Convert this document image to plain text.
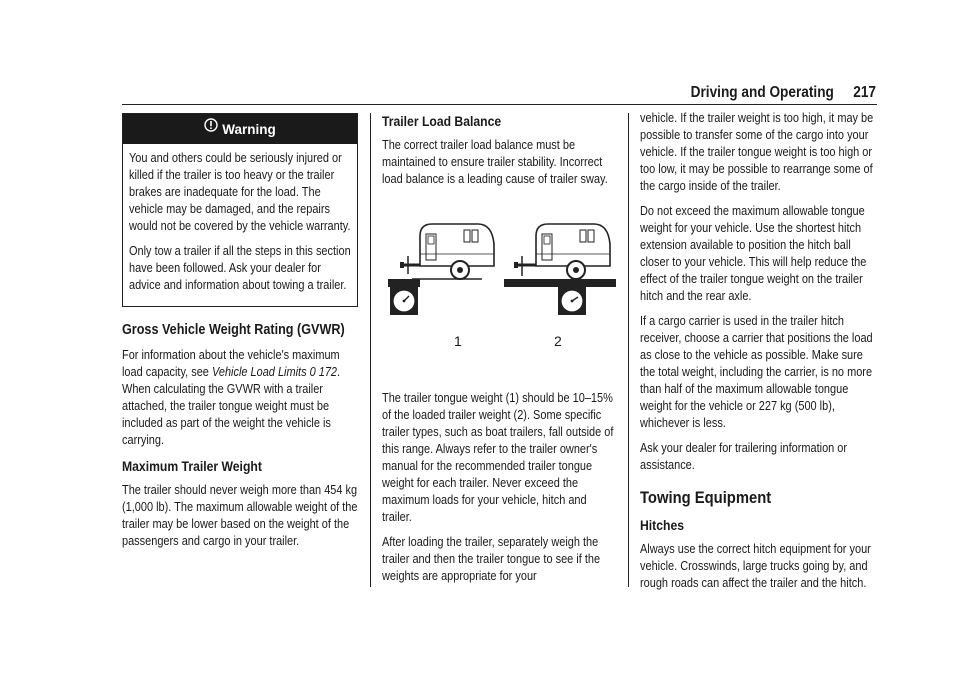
Driving and Operating 217
Warning

You and others could be seriously injured or killed if the trailer is too heavy or the trailer brakes are inadequate for the load. The vehicle may be damaged, and the repairs would not be covered by the vehicle warranty.

Only tow a trailer if all the steps in this section have been followed. Ask your dealer for advice and information about towing a trailer.

Gross Vehicle Weight Rating (GVWR)

For information about the vehicle's maximum load capacity, see Vehicle Load Limits 0 172. When calculating the GVWR with a trailer attached, the trailer tongue weight must be included as part of the weight the vehicle is carrying.

Maximum Trailer Weight

The trailer should never weigh more than 454 kg (1,000 lb). The maximum allowable weight of the trailer may be lower based on the weight of the passengers and cargo in your trailer.

Trailer Load Balance

The correct trailer load balance must be maintained to ensure trailer stability. Incorrect load balance is a leading cause of trailer sway.

1	2

The trailer tongue weight (1) should be 10–15% of the loaded trailer weight (2). Some specific trailer types, such as boat trailers, fall outside of this range. Always refer to the trailer owner's manual for the recommended trailer tongue weight for each trailer. Never exceed the maximum loads for your vehicle, hitch and trailer.

After loading the trailer, separately weigh the trailer and then the trailer tongue to see if the weights are appropriate for your

vehicle. If the trailer weight is too high, it may be possible to transfer some of the cargo into your vehicle. If the trailer tongue weight is too high or too low, it may be possible to rearrange some of the cargo inside of the trailer.

Do not exceed the maximum allowable tongue weight for your vehicle. Use the shortest hitch extension available to position the hitch ball closer to your vehicle. This will help reduce the effect of the trailer tongue weight on the trailer hitch and the rear axle.

If a cargo carrier is used in the trailer hitch receiver, choose a carrier that positions the load as close to the vehicle as possible. Make sure the total weight, including the carrier, is no more than half of the maximum allowable tongue weight for the vehicle or 227 kg (500 lb), whichever is less.

Ask your dealer for trailering information or assistance.

Towing Equipment
Hitches

Always use the correct hitch equipment for your vehicle. Crosswinds, large trucks going by, and rough roads can affect the trailer and the hitch.
